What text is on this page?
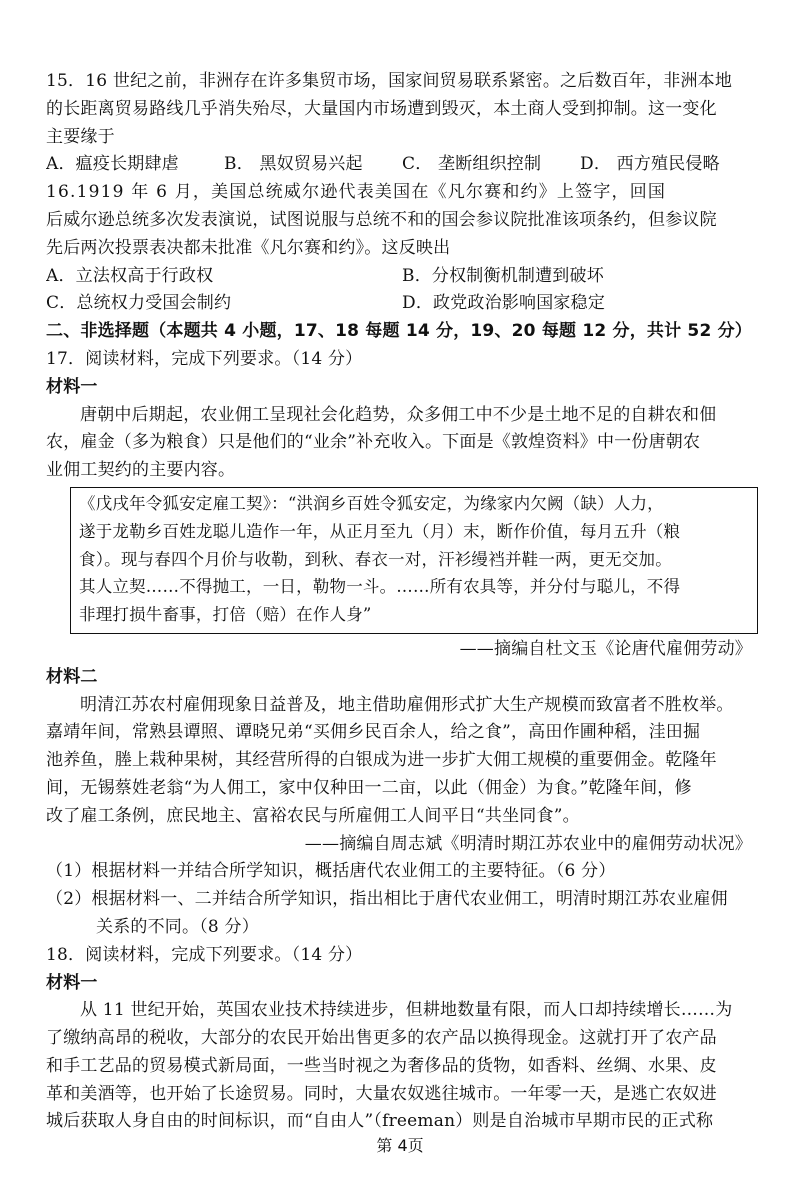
15．16 世纪之前，非洲存在许多集贸市场，国家间贸易联系紧密。之后数百年，非洲本地
的长距离贸易路线几乎消失殆尽，大量国内市场遭到毁灭，本土商人受到抑制。这一变化
主要缘于
A．瘟疫长期肆虐	B． 黑奴贸易兴起	C． 垄断组织控制	D． 西方殖民侵略
16.1919 年 6 月，美国总统威尔逊代表美国在《凡尔赛和约》上签字，回国
后威尔逊总统多次发表演说，试图说服与总统不和的国会参议院批准该项条约，但参议院
先后两次投票表决都未批准《凡尔赛和约》。这反映出
A．立法权高于行政权	B．分权制衡机制遭到破坏
C．总统权力受国会制约	D．政党政治影响国家稳定
二、非选择题（本题共 4 小题，17、18 每题 14 分，19、20 每题 12 分，共计 52 分）
17．阅读材料，完成下列要求。（14 分）
材料一
唐朝中后期起，农业佣工呈现社会化趋势，众多佣工中不少是土地不足的自耕农和佃
农，雇金（多为粮食）只是他们的“业余”补充收入。下面是《敦煌资料》中一份唐朝农
业佣工契约的主要内容。
《戊戌年令狐安定雇工契》：“洪润乡百姓令狐安定，为缘家内欠阙（缺）人力，
遂于龙勒乡百姓龙聪儿造作一年，从正月至九（月）末，断作价值，每月五升（粮
食）。现与春四个月价与收勒，到秋、春衣一对，汗衫缦裆并鞋一两，更无交加。
其人立契……不得抛工，一日，勒物一斗。……所有农具等，并分付与聪儿，不得
非理打损牛畜事，打倍（赔）在作人身”
——摘编自杜文玉《论唐代雇佣劳动》
材料二
明清江苏农村雇佣现象日益普及，地主借助雇佣形式扩大生产规模而致富者不胜枚举。
嘉靖年间，常熟县谭照、谭晓兄弟“买佣乡民百余人，给之食”，高田作圃种稻，洼田掘
池养鱼，塍上栽种果树，其经营所得的白银成为进一步扩大佣工规模的重要佣金。乾隆年
间，无锡蔡姓老翁“为人佣工，家中仅种田一二亩，以此（佣金）为食。”乾隆年间，修
改了雇工条例，庶民地主、富裕农民与所雇佣工人间平日“共坐同食”。
——摘编自周志斌《明清时期江苏农业中的雇佣劳动状况》
（1）根据材料一并结合所学知识，概括唐代农业佣工的主要特征。（6 分）
（2）根据材料一、二并结合所学知识，指出相比于唐代农业佣工，明清时期江苏农业雇佣
关系的不同。（8 分）
18．阅读材料，完成下列要求。（14 分）
材料一
从 11 世纪开始，英国农业技术持续进步，但耕地数量有限，而人口却持续增长……为
了缴纳高昂的税收，大部分的农民开始出售更多的农产品以换得现金。这就打开了农产品
和手工艺品的贸易模式新局面，一些当时视之为奢侈品的货物，如香料、丝绸、水果、皮
革和美酒等，也开始了长途贸易。同时，大量农奴逃往城市。一年零一天，是逃亡农奴进
城后获取人身自由的时间标识，而“自由人”（freeman）则是自治城市早期市民的正式称
第 4页
